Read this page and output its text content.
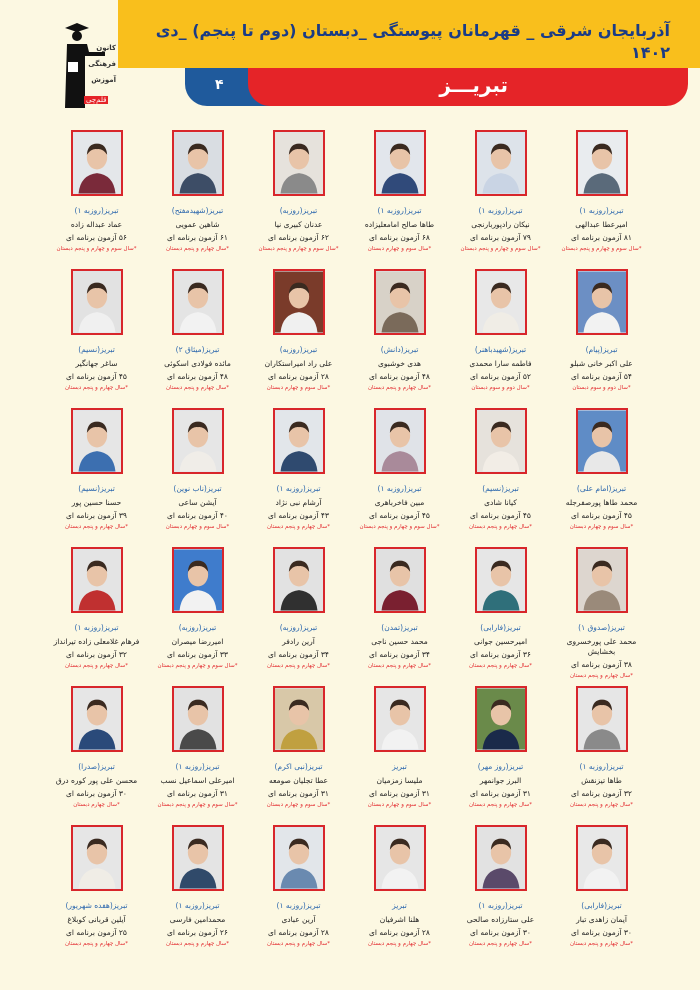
آذربایجان شرقی _ قهرمانان پیوستگی _دبستان (دوم تا پنجم) _دی ۱۴۰۲
۴	تبریـــز
کانون
فرهنگی
آموزش
قلم‌چی
تبریز(روزبه ۱)
امیرعطا عبدالهی
۸۱ آزمون برنامه ای
*سال سوم و چهارم و پنجم دبستان
تبریز(روزبه ۱)
نیکان رادپوربارنجی
۷۹ آزمون برنامه ای
*سال سوم و چهارم و پنجم دبستان
تبریز(روزبه ۱)
طاها صالح امامعلیزاده
۶۸ آزمون برنامه ای
*سال سوم و چهارم دبستان
تبریز(روزبه)
عدنان کبیری نیا
۶۲ آزمون برنامه ای
*سال سوم و چهارم و پنجم دبستان
تبریز(شهیدمفتح)
شاهین عمویی
۶۱ آزمون برنامه ای
*سال چهارم و پنجم دبستان
تبریز(روزبه ۱)
عماد عبداله زاده
۵۶ آزمون برنامه ای
*سال سوم و چهارم و پنجم دبستان
تبریز(پیام)
علی اکبر خانی شبلو
۵۴ آزمون برنامه ای
*سال دوم و سوم دبستان
تبریز(شهیدباهنر)
فاطمه سارا محمدی
۵۲ آزمون برنامه ای
*سال دوم و سوم دبستان
تبریز(دانش)
هدی خوشبوی
۴۸ آزمون برنامه ای
*سال چهارم و پنجم دبستان
تبریز(روزبه)
علی راد امیراستکاران
۲۸ آزمون برنامه ای
*سال سوم و چهارم دبستان
تبریز(میثاق ۲)
مائده فولادی اسکوئی
۴۸ آزمون برنامه ای
*سال چهارم و پنجم دبستان
تبریز(نسیم)
ساغر جهانگیر
۴۵ آزمون برنامه ای
*سال چهارم و پنجم دبستان
تبریز(امام علی)
محمد طاها پورصفرجله
۴۵ آزمون برنامه ای
*سال سوم و چهارم دبستان
تبریز(نسیم)
کیانا شادی
۴۵ آزمون برنامه ای
*سال چهارم و پنجم دبستان
تبریز(روزبه ۱)
مبین فاخرباهری
۴۵ آزمون برنامه ای
*سال سوم و چهارم و پنجم دبستان
تبریز(روزبه ۱)
آرشام نبی نژاد
۴۳ آزمون برنامه ای
*سال چهارم و پنجم دبستان
تبریز(ناب نوین)
آیشن ساعی
۴۰ آزمون برنامه ای
*سال سوم و چهارم دبستان
تبریز(نسیم)
حسنا حسین پور
۳۹ آزمون برنامه ای
*سال چهارم و پنجم دبستان
تبریز(صدوق ۱)
محمد علی پورخسروی بخشایش
۳۸ آزمون برنامه ای
*سال چهارم و پنجم دبستان
تبریز(فارابی)
امیرحسین جوانی
۳۶ آزمون برنامه ای
*سال چهارم و پنجم دبستان
تبریز(تمدن)
محمد حسین ناجی
۳۴ آزمون برنامه ای
*سال چهارم و پنجم دبستان
تبریز(روزبه)
آرین رادفر
۳۴ آزمون برنامه ای
*سال چهارم و پنجم دبستان
تبریز(روزبه)
امیررضا میصران
۳۳ آزمون برنامه ای
*سال سوم و چهارم و پنجم دبستان
تبریز(روزبه ۱)
فرهام غلامعلی زاده تیرانداز
۳۲ آزمون برنامه ای
*سال چهارم و پنجم دبستان
تبریز(روزبه ۱)
طاها تیزنقش
۳۲ آزمون برنامه ای
*سال چهارم و پنجم دبستان
تبریز(روز مهر)
البرز جوانمهر
۳۱ آزمون برنامه ای
*سال چهارم و پنجم دبستان
تبریز
ملیسا زمزمیان
۳۱ آزمون برنامه ای
*سال سوم و چهارم دبستان
تبریز(نبی اکرم)
عطا تجلیان صومعه
۳۱ آزمون برنامه ای
*سال سوم و چهارم دبستان
تبریز(روزبه ۱)
امیرعلی اسماعیل نسب
۳۱ آزمون برنامه ای
*سال سوم و چهارم و پنجم دبستان
تبریز(صدرا)
محسن علی پور کوره درق
۳۰ آزمون برنامه ای
*سال چهارم دبستان
تبریز(فارابی)
آیمان زاهدی تبار
۳۰ آزمون برنامه ای
*سال چهارم و پنجم دبستان
تبریز(روزبه ۱)
علی ستارزاده صالحی
۳۰ آزمون برنامه ای
*سال چهارم و پنجم دبستان
تبریز
هلنا اشرفیان
۲۸ آزمون برنامه ای
*سال چهارم و پنجم دبستان
تبریز(روزبه ۱)
آرین عبادی
۲۸ آزمون برنامه ای
*سال چهارم و پنجم دبستان
تبریز(روزبه ۱)
محمدامین فارسی
۲۶ آزمون برنامه ای
*سال چهارم و پنجم دبستان
تبریز(هفده شهریور)
آیلین قربانی کوبلاغ
۲۵ آزمون برنامه ای
*سال چهارم و پنجم دبستان
